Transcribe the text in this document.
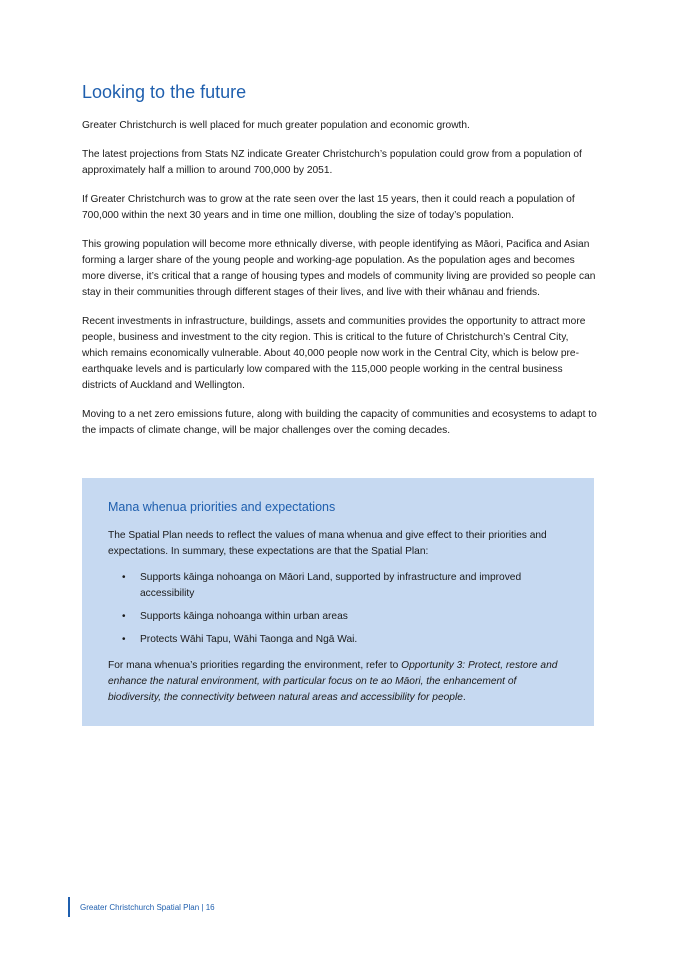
Looking to the future

Greater Christchurch is well placed for much greater population and economic growth.

The latest projections from Stats NZ indicate Greater Christchurch’s population could grow from a population of approximately half a million to around 700,000 by 2051.

If Greater Christchurch was to grow at the rate seen over the last 15 years, then it could reach a population of 700,000 within the next 30 years and in time one million, doubling the size of today’s population.

This growing population will become more ethnically diverse, with people identifying as Māori, Pacifica and Asian forming a larger share of the young people and working-age population. As the population ages and becomes more diverse, it’s critical that a range of housing types and models of community living are provided so people can stay in their communities through different stages of their lives, and live with their whānau and friends.

Recent investments in infrastructure, buildings, assets and communities provides the opportunity to attract more people, business and investment to the city region. This is critical to the future of Christchurch’s Central City, which remains economically vulnerable. About 40,000 people now work in the Central City, which is below pre-earthquake levels and is particularly low compared with the 115,000 people working in the central business districts of Auckland and Wellington.

Moving to a net zero emissions future, along with building the capacity of communities and ecosystems to adapt to the impacts of climate change, will be major challenges over the coming decades.

Mana whenua priorities and expectations

The Spatial Plan needs to reflect the values of mana whenua and give effect to their priorities and expectations. In summary, these expectations are that the Spatial Plan:

• Supports kāinga nohoanga on Māori Land, supported by infrastructure and improved accessibility
• Supports kāinga nohoanga within urban areas
• Protects Wāhi Tapu, Wāhi Taonga and Ngā Wai.

For mana whenua’s priorities regarding the environment, refer to Opportunity 3: Protect, restore and enhance the natural environment, with particular focus on te ao Māori, the enhancement of biodiversity, the connectivity between natural areas and accessibility for people.

Greater Christchurch Spatial Plan | 16
